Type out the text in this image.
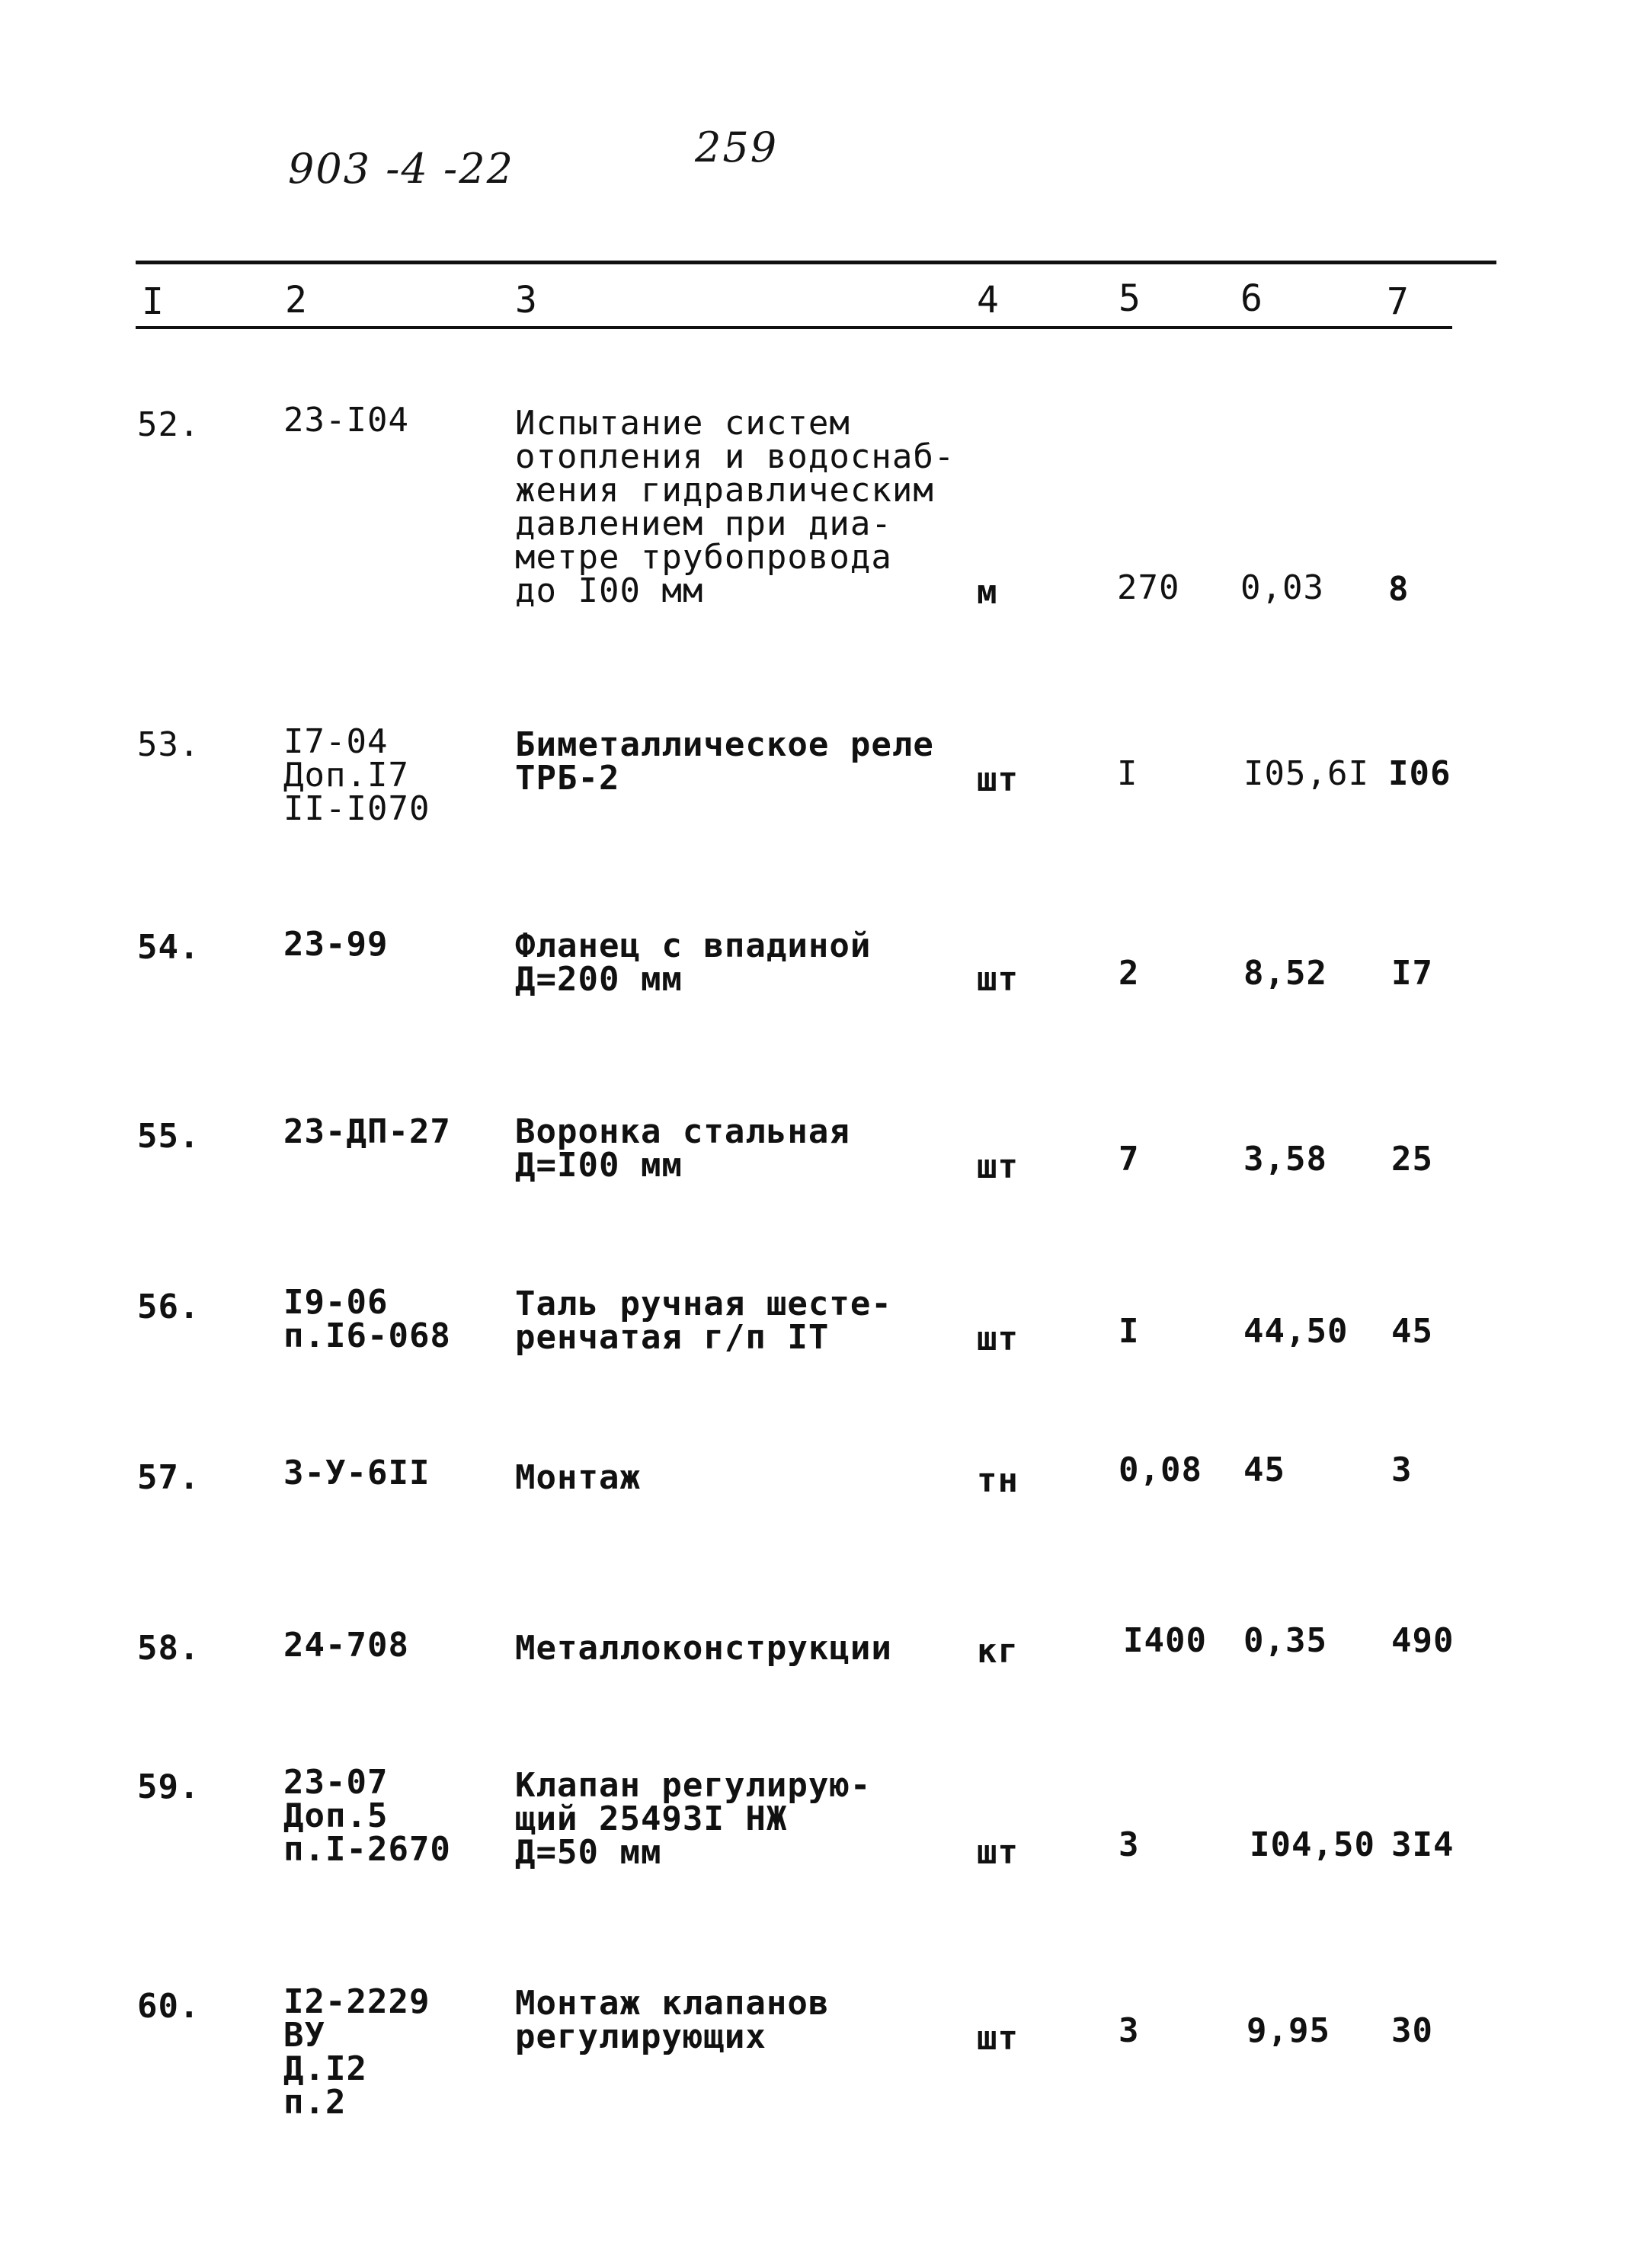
903 -4 -22	259
I	2	3	4	5	6	7
52. 23-I04	Испытание систем
отопления и водоснаб-
жения гидравлическим
давлением при диа-
метре трубопровода
до I00 мм	м	270 0,03 8
53. I7-04
Доп.I7
II-I070
Биметаллическое реле
ТРБ-2	шт	I	I05,6I I06
54. 23-99	Фланец с впадиной
Д=200 мм	шт	2	8,52 I7
55. 23-ДП-27 Воронка стальная
Д=I00 мм	шт	7	3,58 25
56. I9-06
п.I6-068
Таль ручная шесте-
ренчатая г/п IT	шт	I	44,50 45
57. 3-У-6II	Монтаж	тн	0,08 45	3
58. 24-708	Металлоконструкции	кг	I400 0,35 490
59. 23-07
Доп.5
п.I-2670
Клапан регулирую-
щий 25493I НЖ
Д=50 мм	шт	3	I04,50 3I4
60. I2-2229
ВУ
Д.I2
п.2
Монтаж клапанов
регулирующих	шт	3	9,95 30
